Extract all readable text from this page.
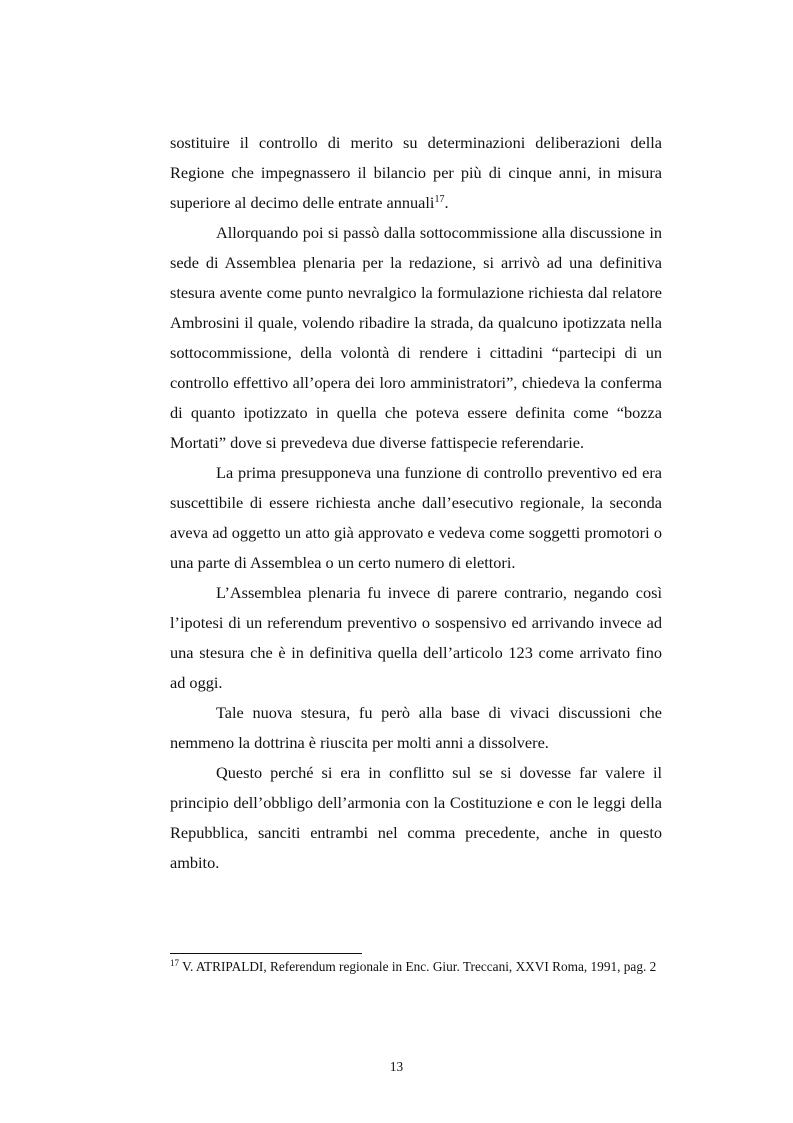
sostituire il controllo di merito su determinazioni deliberazioni della Regione che impegnassero il bilancio per più di cinque anni, in misura superiore al decimo delle entrate annuali$^{17}$.

Allorquando poi si passò dalla sottocommissione alla discussione in sede di Assemblea plenaria per la redazione, si arrivò ad una definitiva stesura avente come punto nevralgico la formulazione richiesta dal relatore Ambrosini il quale, volendo ribadire la strada, da qualcuno ipotizzata nella sottocommissione, della volontà di rendere i cittadini “partecipi di un controllo effettivo all’opera dei loro amministratori”, chiedeva la conferma di quanto ipotizzato in quella che poteva essere definita come “bozza Mortati” dove si prevedeva due diverse fattispecie referendarie.

La prima presupponeva una funzione di controllo preventivo ed era suscettibile di essere richiesta anche dall’esecutivo regionale, la seconda aveva ad oggetto un atto già approvato e vedeva come soggetti promotori o una parte di Assemblea o un certo numero di elettori.

L’Assemblea plenaria fu invece di parere contrario, negando così l’ipotesi di un referendum preventivo o sospensivo ed arrivando invece ad una stesura che è in definitiva quella dell’articolo 123 come arrivato fino ad oggi.

Tale nuova stesura, fu però alla base di vivaci discussioni che nemmeno la dottrina è riuscita per molti anni a dissolvere.

Questo perché si era in conflitto sul se si dovesse far valere il principio dell’obbligo dell’armonia con la Costituzione e con le leggi della Repubblica, sanciti entrambi nel comma precedente, anche in questo ambito.

$^{17}$ V. ATRIPALDI, Referendum regionale in Enc. Giur. Treccani, XXVI Roma, 1991, pag. 2
13
